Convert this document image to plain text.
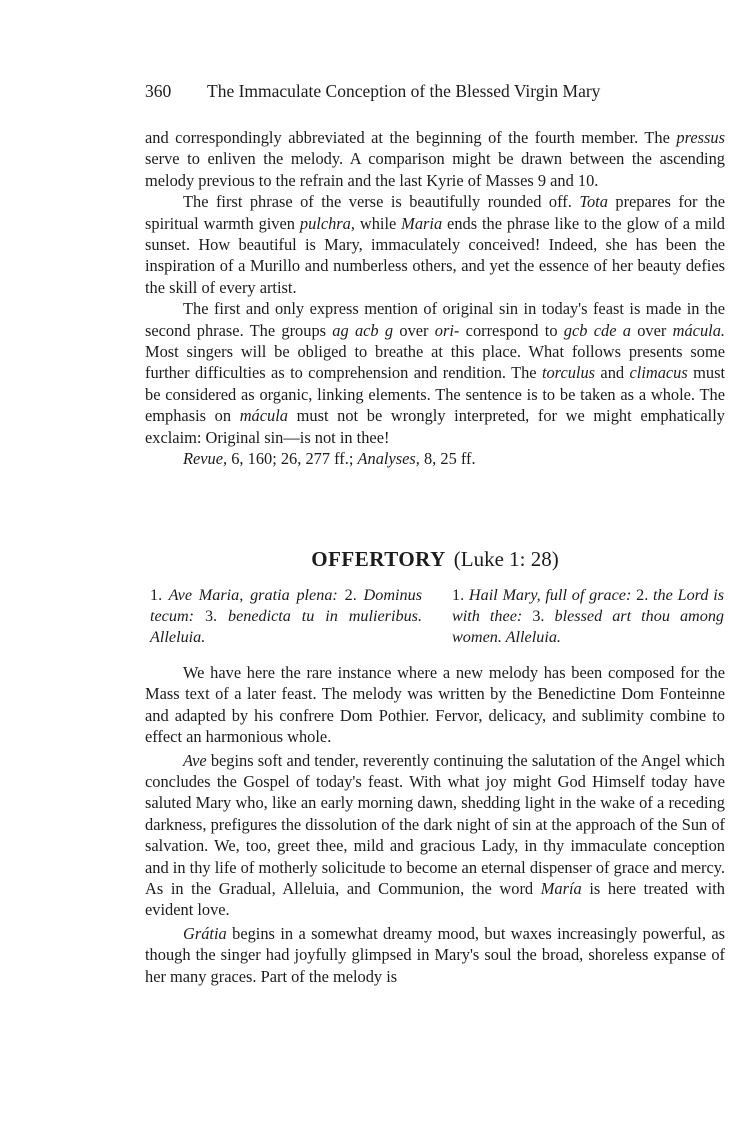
360 The Immaculate Conception of the Blessed Virgin Mary

and correspondingly abbreviated at the beginning of the fourth member. The pressus serve to enliven the melody. A comparison might be drawn between the ascending melody previous to the refrain and the last Kyrie of Masses 9 and 10.

The first phrase of the verse is beautifully rounded off. Tota prepares for the spiritual warmth given pulchra, while Maria ends the phrase like to the glow of a mild sunset. How beautiful is Mary, immaculately conceived! Indeed, she has been the inspiration of a Murillo and numberless others, and yet the essence of her beauty defies the skill of every artist.

The first and only express mention of original sin in today's feast is made in the second phrase. The groups ag acb g over ori- correspond to gcb cde a over mácula. Most singers will be obliged to breathe at this place. What follows presents some further difficulties as to comprehension and rendition. The torculus and climacus must be considered as organic, linking elements. The sentence is to be taken as a whole. The emphasis on mácula must not be wrongly interpreted, for we might emphatically exclaim: Original sin—is not in thee!

Revue, 6, 160; 26, 277 ff.; Analyses, 8, 25 ff.

OFFERTORY (Luke 1: 28)

1. Ave Maria, gratia plena: 2. Dominus tecum: 3. benedicta tu in mulieribus. Alleluia.

1. Hail Mary, full of grace: 2. the Lord is with thee: 3. blessed art thou among women. Alleluia.

We have here the rare instance where a new melody has been composed for the Mass text of a later feast. The melody was written by the Benedictine Dom Fonteinne and adapted by his confrere Dom Pothier. Fervor, delicacy, and sublimity combine to effect an harmonious whole.

Ave begins soft and tender, reverently continuing the salutation of the Angel which concludes the Gospel of today's feast. With what joy might God Himself today have saluted Mary who, like an early morning dawn, shedding light in the wake of a receding darkness, prefigures the dissolution of the dark night of sin at the approach of the Sun of salvation. We, too, greet thee, mild and gracious Lady, in thy immaculate conception and in thy life of motherly solicitude to become an eternal dispenser of grace and mercy. As in the Gradual, Alleluia, and Communion, the word María is here treated with evident love.

Grátia begins in a somewhat dreamy mood, but waxes increasingly powerful, as though the singer had joyfully glimpsed in Mary's soul the broad, shoreless expanse of her many graces. Part of the melody is
